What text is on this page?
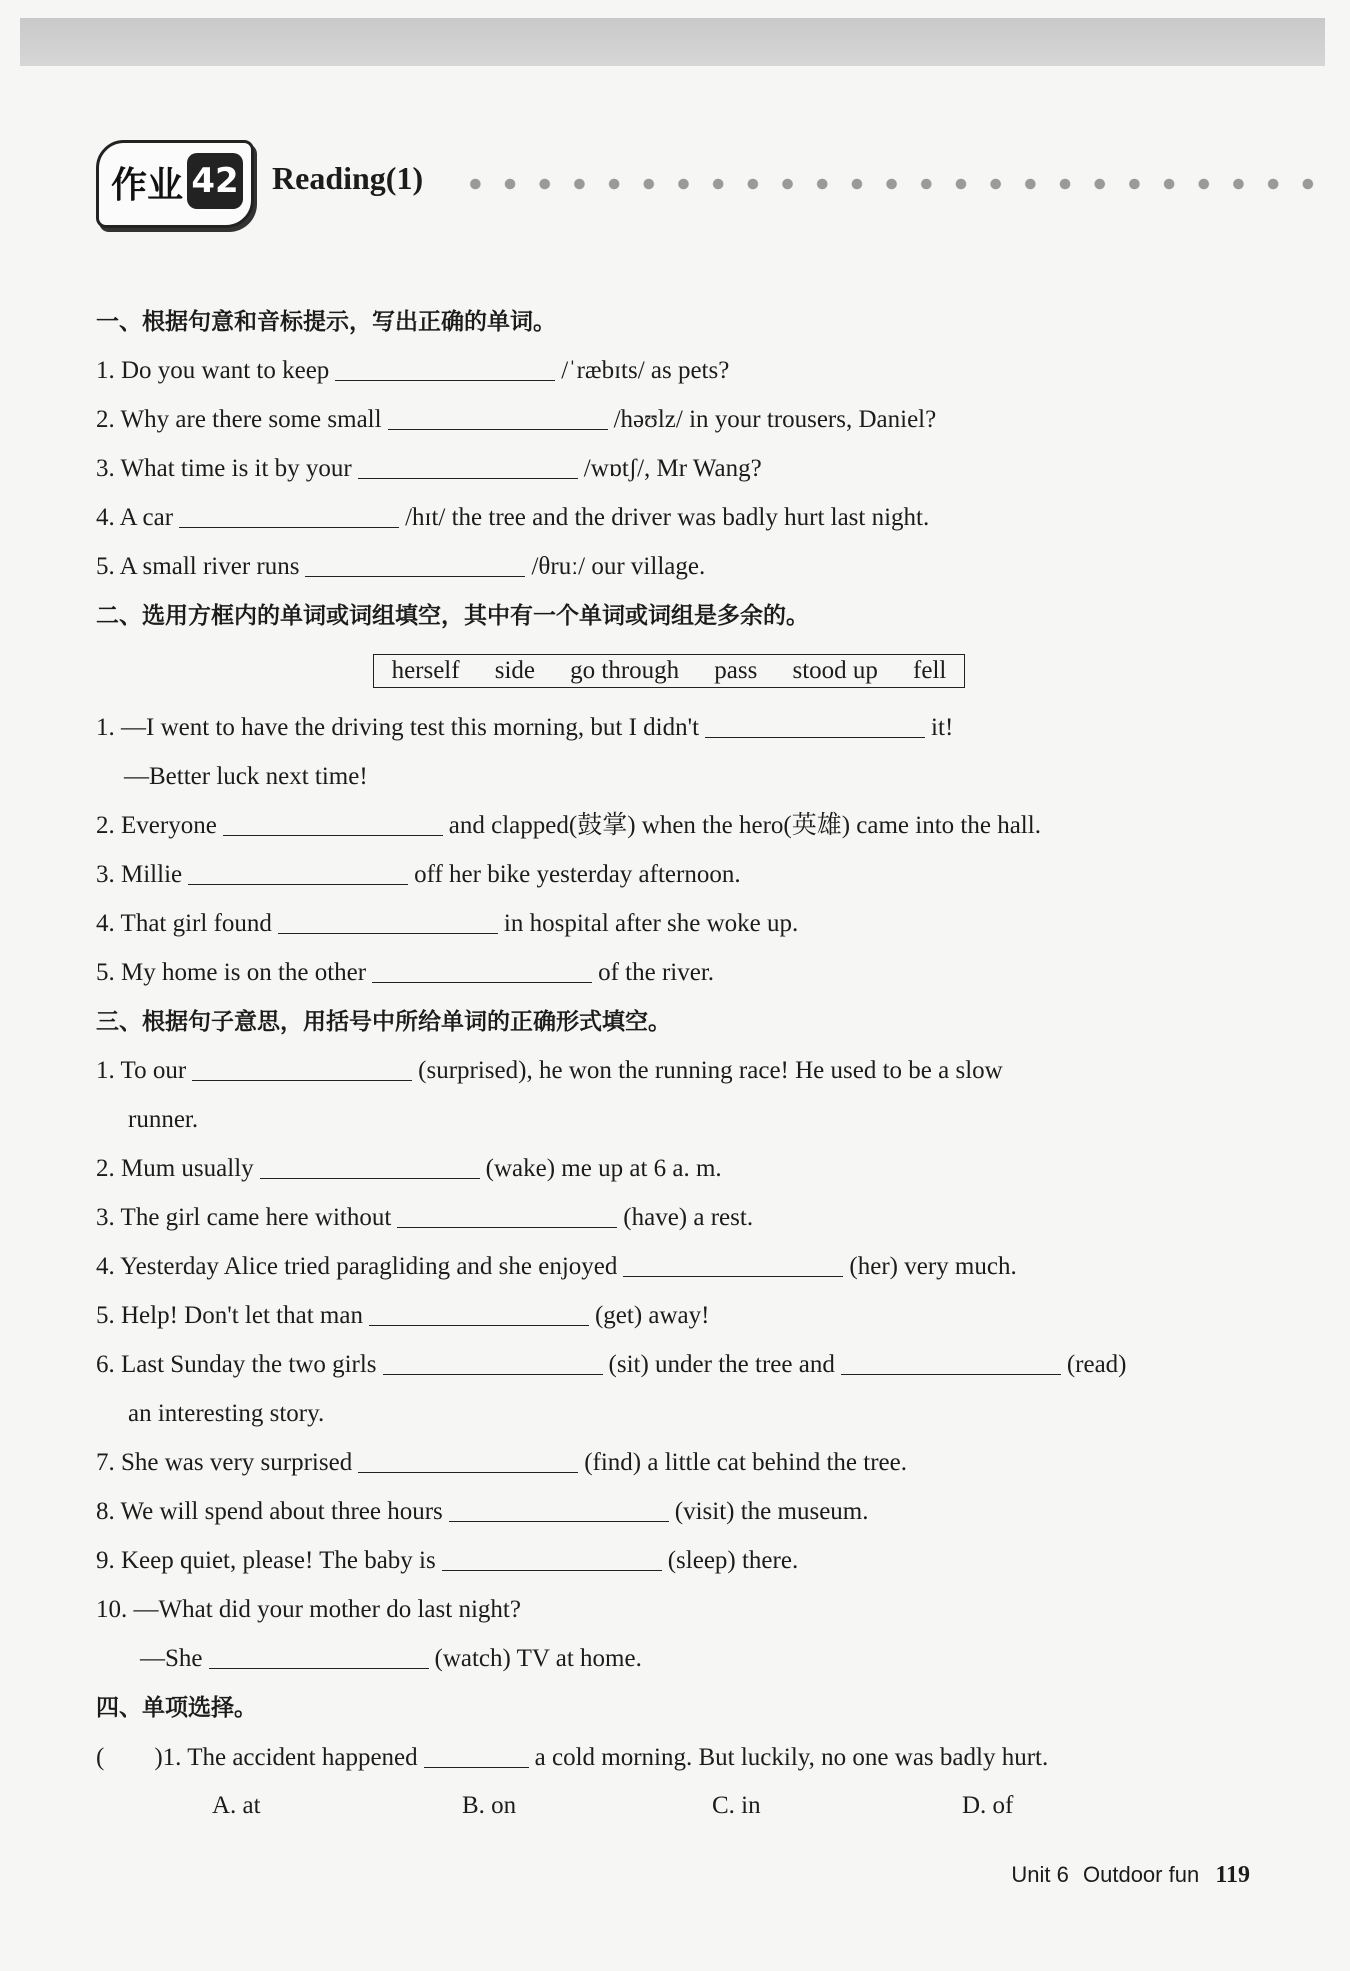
作业 42 Reading(1)
一、根据句意和音标提示，写出正确的单词。
1. Do you want to keep	/ˈræbɪts/ as pets?
2. Why are there some small	/həʊlz/ in your trousers, Daniel?
3. What time is it by your	/wɒtʃ/, Mr Wang?
4. A car	/hɪt/ the tree and the driver was badly hurt last night.
5. A small river runs	/θruː/ our village.
二、选用方框内的单词或词组填空，其中有一个单词或词组是多余的。
herself side go through pass stood up fell
1. —I went to have the driving test this morning, but I didn't	it!
—Better luck next time!
2. Everyone	and clapped(鼓掌) when the hero(英雄) came into the hall.
3. Millie	off her bike yesterday afternoon.
4. That girl found	in hospital after she woke up.
5. My home is on the other	of the river.
三、根据句子意思，用括号中所给单词的正确形式填空。
1. To our	(surprised), he won the running race! He used to be a slow
runner.
2. Mum usually	(wake) me up at 6 a. m.
3. The girl came here without	(have) a rest.
4. Yesterday Alice tried paragliding and she enjoyed	(her) very much.
5. Help! Don't let that man	(get) away!
6. Last Sunday the two girls	(sit) under the tree and	(read)
an interesting story.
7. She was very surprised	(find) a little cat behind the tree.
8. We will spend about three hours	(visit) the museum.
9. Keep quiet, please! The baby is	(sleep) there.
10. —What did your mother do last night?
—She	(watch) TV at home.
四、单项选择。
(　　)1. The accident happened	a cold morning. But luckily, no one was badly hurt.
A. at	B. on	C. in	D. of
Unit 6 Outdoor fun 119
